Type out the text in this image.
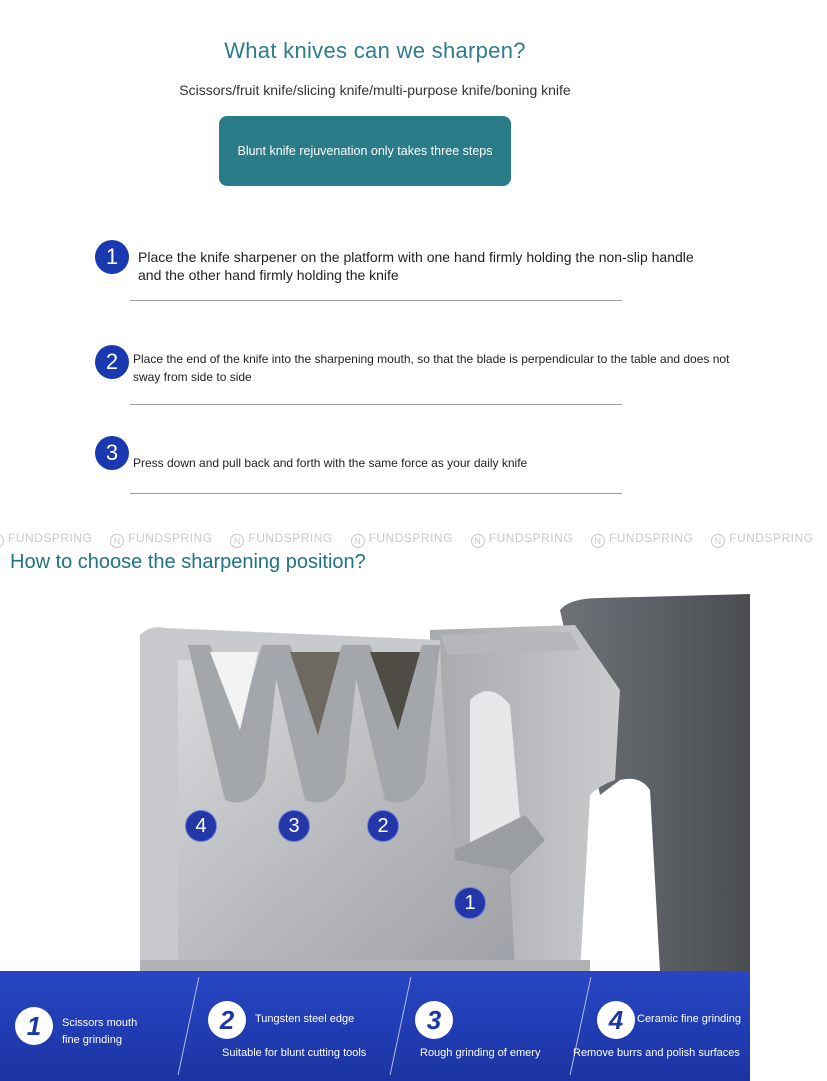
What knives can we sharpen?
Scissors/fruit knife/slicing knife/multi-purpose knife/boning knife
Blunt knife rejuvenation only takes three steps
1	Place the knife sharpener on the platform with one hand firmly holding the non-slip handle and the other hand firmly holding the knife
2	Place the end of the knife into the sharpening mouth, so that the blade is perpendicular to the table and does not sway from side to side
3	Press down and pull back and forth with the same force as your daily knife
FUNDSPRING N FUNDSPRING N FUNDSPRING N FUNDSPRING N FUNDSPRING N FUNDSPRING N FUNDSPRING
How to choose the sharpening position?
4	3	2
1
1	Scissors mouth
fine grinding
2	Tungsten steel edge
Suitable for blunt cutting tools
3
Rough grinding of emery
4	Ceramic fine grinding
Remove burrs and polish surfaces
